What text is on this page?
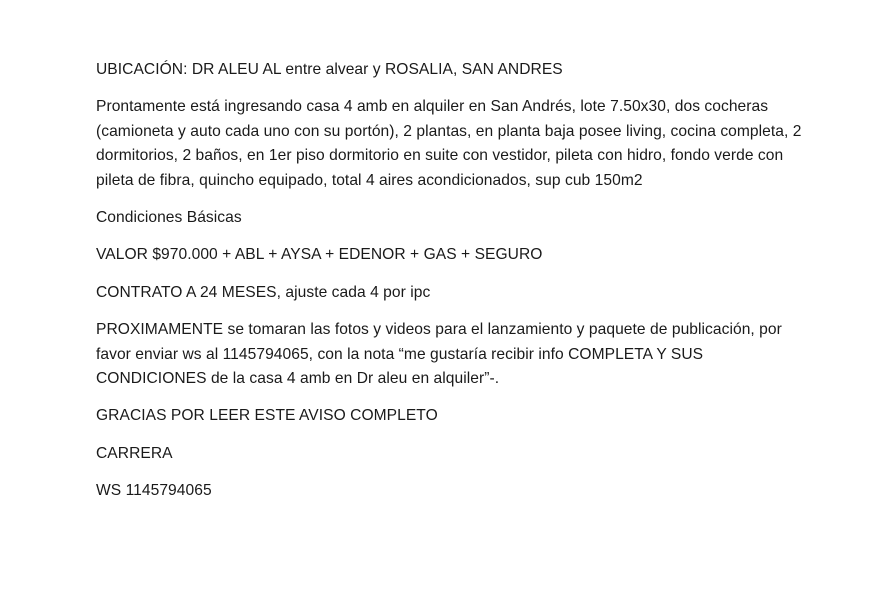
UBICACIÓN: DR ALEU AL entre alvear y ROSALIA, SAN ANDRES

Prontamente está ingresando casa 4 amb en alquiler en San Andrés, lote 7.50x30, dos cocheras (camioneta y auto cada uno con su portón), 2 plantas, en planta baja posee living, cocina completa, 2 dormitorios, 2 baños, en 1er piso dormitorio en suite con vestidor, pileta con hidro, fondo verde con pileta de fibra, quincho equipado, total 4 aires acondicionados, sup cub 150m2

Condiciones Básicas

VALOR $970.000 + ABL + AYSA + EDENOR + GAS + SEGURO

CONTRATO A 24 MESES, ajuste cada 4 por ipc

PROXIMAMENTE se tomaran las fotos y videos para el lanzamiento y paquete de publicación, por favor enviar ws al 1145794065, con la nota “me gustaría recibir info COMPLETA Y SUS CONDICIONES de la casa 4 amb en Dr aleu en alquiler”-.

GRACIAS POR LEER ESTE AVISO COMPLETO

CARRERA

WS 1145794065
